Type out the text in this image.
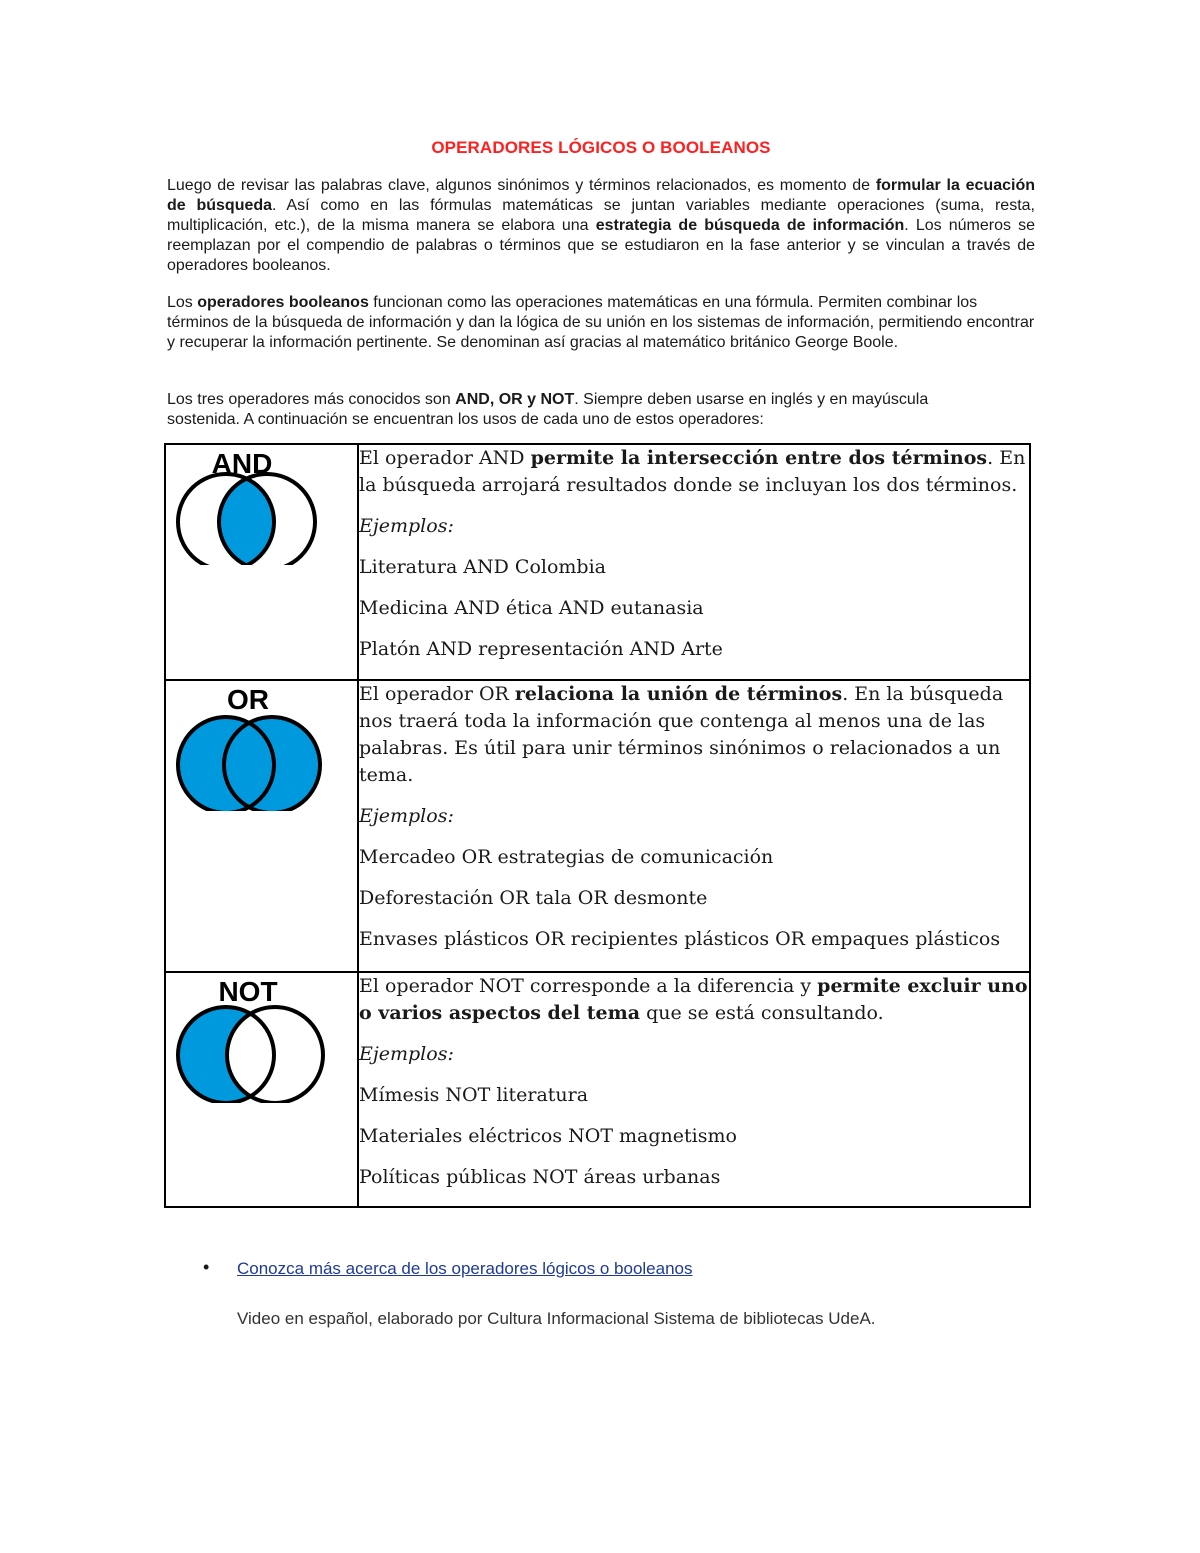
OPERADORES LÓGICOS O BOOLEANOS

Luego de revisar las palabras clave, algunos sinónimos y términos relacionados, es momento de formular la ecuación de búsqueda. Así como en las fórmulas matemáticas se juntan variables mediante operaciones (suma, resta, multiplicación, etc.), de la misma manera se elabora una estrategia de búsqueda de información. Los números se reemplazan por el compendio de palabras o términos que se estudiaron en la fase anterior y se vinculan a través de operadores booleanos.

Los operadores booleanos funcionan como las operaciones matemáticas en una fórmula. Permiten combinar los términos de la búsqueda de información y dan la lógica de su unión en los sistemas de información, permitiendo encontrar y recuperar la información pertinente. Se denominan así gracias al matemático británico George Boole.

Los tres operadores más conocidos son AND, OR y NOT. Siempre deben usarse en inglés y en mayúscula
sostenida. A continuación se encuentran los usos de cada uno de estos operadores:

AND	El operador AND permite la intersección entre dos términos. En la búsqueda arrojará resultados donde se incluyan los dos términos.

Ejemplos:

Literatura AND Colombia

Medicina AND ética AND eutanasia

Platón AND representación AND Arte

OR	El operador OR relaciona la unión de términos. En la búsqueda nos traerá toda la información que contenga al menos una de las palabras. Es útil para unir términos sinónimos o relacionados a un tema.

Ejemplos:

Mercadeo OR estrategias de comunicación

Deforestación OR tala OR desmonte

Envases plásticos OR recipientes plásticos OR empaques plásticos

NOT	El operador NOT corresponde a la diferencia y permite excluir uno o varios aspectos del tema que se está consultando.

Ejemplos:

Mímesis NOT literatura

Materiales eléctricos NOT magnetismo

Políticas públicas NOT áreas urbanas

• Conozca más acerca de los operadores lógicos o booleanos
Video en español, elaborado por Cultura Informacional Sistema de bibliotecas UdeA.
